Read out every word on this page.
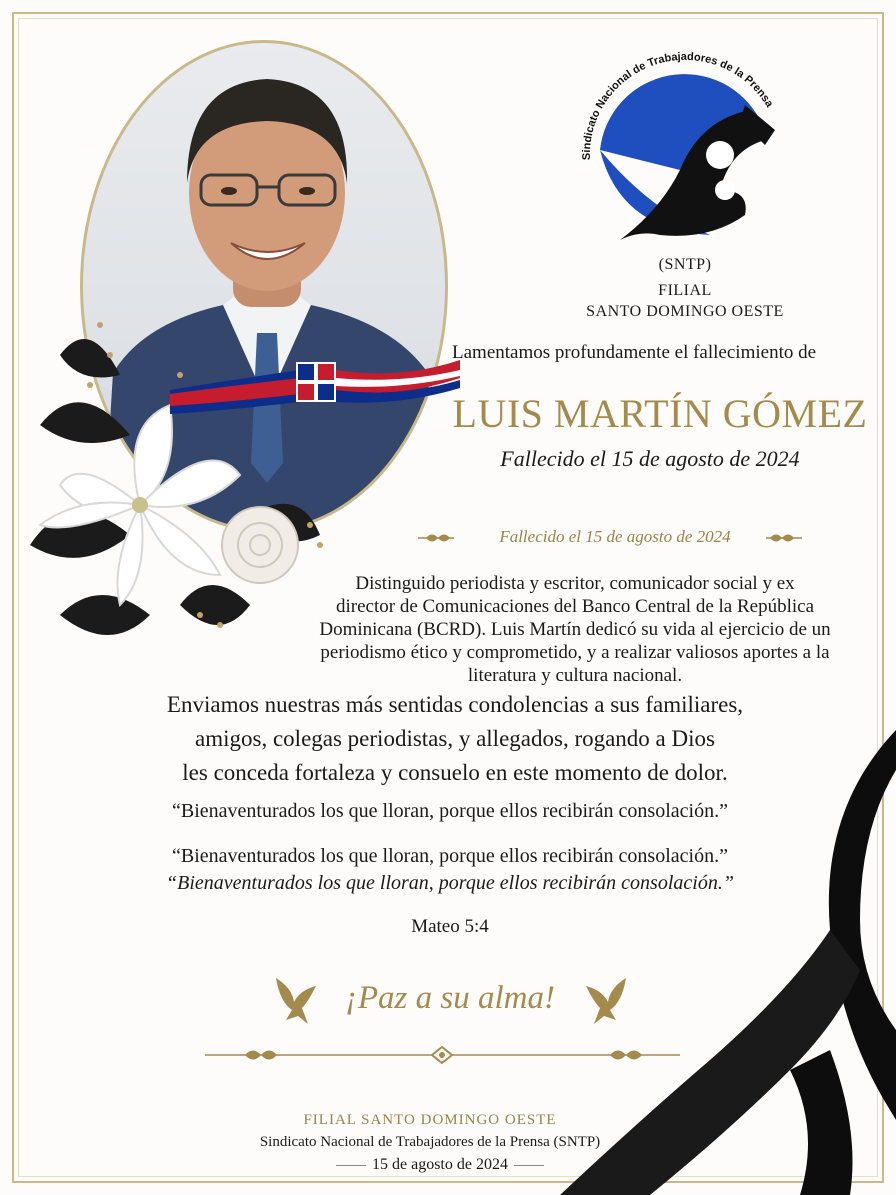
Sindicato Nacional de Trabajadores de la Prensa
(SNTP)
FILIAL
SANTO DOMINGO OESTE
Lamentamos profundamente el fallecimiento de
LUIS MARTÍN GÓMEZ
Fallecido el 15 de agosto de 2024
Fallecido el 15 de agosto de 2024
Distinguido periodista y escritor, comunicador social y ex
director de Comunicaciones del Banco Central de la República
Dominicana (BCRD). Luis Martín dedicó su vida al ejercicio de un
periodismo ético y comprometido, y a realizar valiosos aportes a la
literatura y cultura nacional.
Enviamos nuestras más sentidas condolencias a sus familiares,
amigos, colegas periodistas, y allegados, rogando a Dios
les conceda fortaleza y consuelo en este momento de dolor.
“Bienaventurados los que lloran, porque ellos recibirán consolación.”
“Bienaventurados los que lloran, porque ellos recibirán consolación.”
“Bienaventurados los que lloran, porque ellos recibirán consolación.”
Mateo 5:4
¡Paz a su alma!
FILIAL SANTO DOMINGO OESTE
Sindicato Nacional de Trabajadores de la Prensa (SNTP)
15 de agosto de 2024
